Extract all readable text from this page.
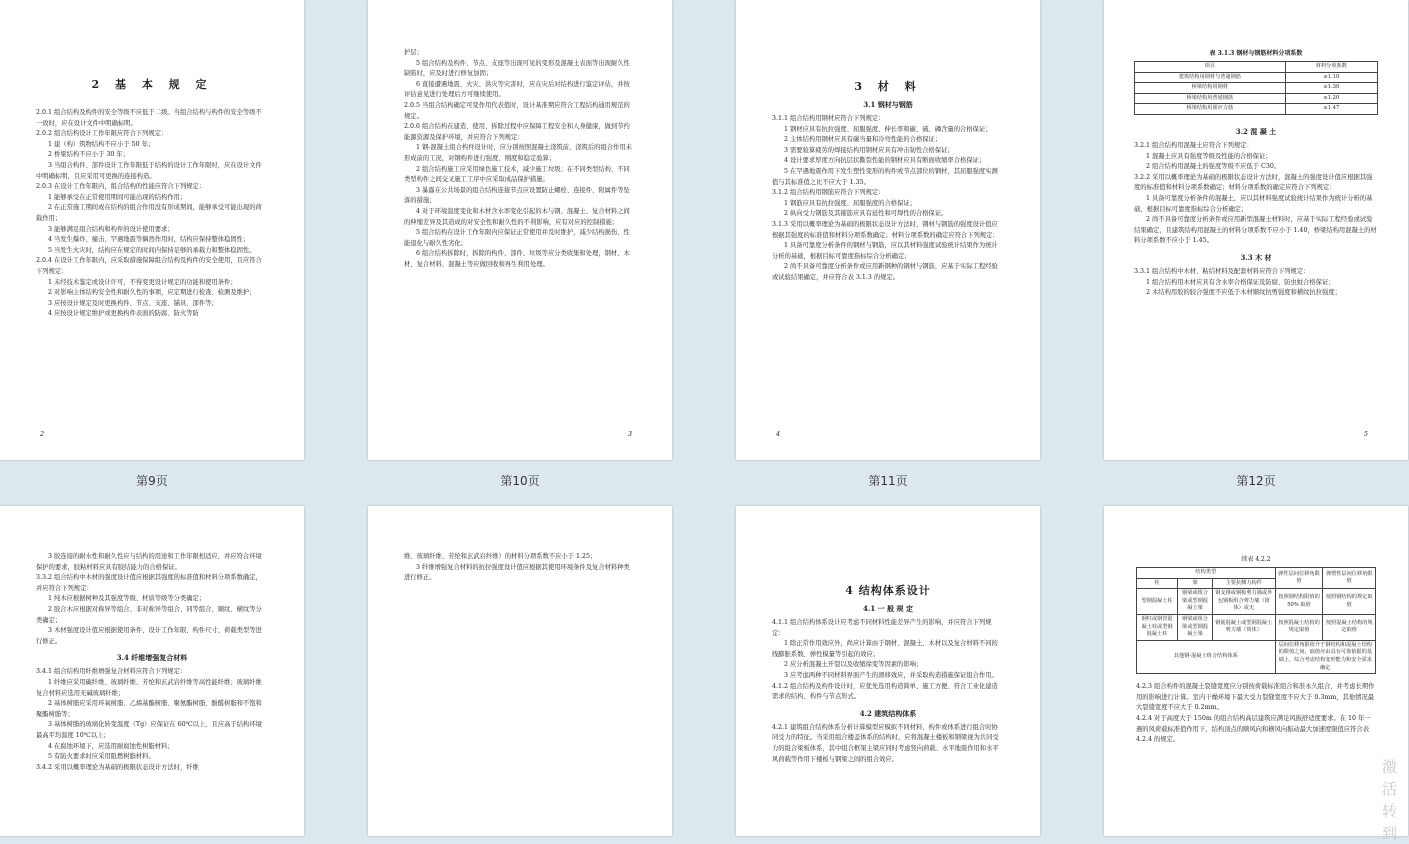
2 基 本 规 定

2.0.1 组合结构及构件的安全等级不应低于二级。当组合结构与构件的安全等级不一致时，应在设计文件中明确标明。

2.0.2 组合结构设计工作年限应符合下列规定：

1 建（构）筑物结构不应小于 50 年；

2 桥梁结构不应小于 30 年；

3 当组合构件、部件设计工作年限低于结构的设计工作年限时，应在设计文件中明确标明，且应采用可更换的连接构造。

2.0.3 在设计工作年限内，组合结构的性能应符合下列规定：

1 能够承受在正常使用期间可能出现的结构作用；

2 在正常施工期间或在结构的组合作用没有形成期间，能够承受可能出现的荷载作用；

3 能够满足组合结构和构件的设计使用要求；

4 当发生爆炸、撞击、罕遇地震等偶然作用时，结构应保持整体稳固性；

5 当发生火灾时，结构应在规定的时间内保持足够的承载力和整体稳固性。

2.0.4 在设计工作年限内，应采取措施保障组合结构及构件的安全使用，且应符合下列规定：

1 未经技术鉴定或设计许可，不得变更设计规定的功能和使用条件；

2 对影响主体结构安全性和耐久性的事项，应定期进行检查、检测及维护；

3 应按设计规定及时更换构件、节点、支座、锚具、部件等；

4 应按设计规定维护或更换构件表面的防腐、防火等防

2
第9页

护层；

5 组合结构及构件、节点、支座等出现可见的变形及混凝土表面等出现耐久性缺陷时，应及时进行修复加固；

6 直接遭遇地震、火灾、洪灾等灾害时，应在灾后对结构进行鉴定评估，并按评估意见进行处理后方可继续使用。

2.0.5 当组合结构确定可变作用代表值时，设计基准期应符合工程结构通用规范的规定。

2.0.6 组合结构在建造、使用、拆除过程中应保障工程安全和人身健康，做到节约能源资源及保护环境，并应符合下列规定：

1 钢-混凝土组合构件设计时，应分别按照混凝土浇筑前、浇筑后的组合作用未形成前的工况，对钢构件进行强度、刚度和稳定验算；

2 组合结构施工应采用绿色施工技术，减少施工垃圾；在不同类型结构、不同类型构件之间交叉施工工序中应采取成品保护措施；

3 暴露在公共场景的组合结构连接节点应设置防止螺栓、连接件、附属件等坠落的措施；

4 对于环境温度变化和木材含水率变化引起的木与钢、混凝土、复合材料之间的伸缩差异及其造成的对安全性和耐久性的不利影响，应有对应的控制措施；

5 组合结构在设计工作年限内应保证正常使用并及时维护，减少结构损伤、性能退化与耐久性劣化；

6 组合结构拆除时，拆除的构件、部件、垃圾等应分类收集和处理，钢材、木材、复合材料、混凝土等应做回收和再生利用处理。

3
第10页

3 材 料

3.1 钢材与钢筋

3.1.1 组合结构用钢材应符合下列规定：

1 钢材应具有抗拉强度、屈服强度、伸长率和碳、硫、磷含量的合格保证；

2 主体结构用钢材应具有碳当量和冷弯性能的合格保证；

3 需要验算疲劳的焊接结构用钢材应具有冲击韧性合格保证；

4 设计要求厚度方向抗层状撕裂性能的钢材应具有断面收缩率合格保证；

5 在罕遇地震作用下发生塑性变形的构件或节点部位的钢材，其屈服强度实测值与其标准值之比不应大于 1.35。

3.1.2 组合结构用钢筋应符合下列规定：

1 钢筋应具有抗拉强度、屈服强度的合格保证；

2 纵向受力钢筋及其箍筋应具有延性和可焊性的合格保证。

3.1.3 采用以概率理论为基础的极限状态设计方法时，钢材与钢筋的强度设计值应根据其强度的标准值和材料分项系数确定；材料分项系数的确定应符合下列规定：

1 具备可靠度分析条件的钢材与钢筋，应以其材料强度试验统计结果作为统计分析的基础，根据目标可靠度指标综合分析确定；

2 尚不具备可靠度分析条件或应用新钢种的钢材与钢筋，应基于实际工程经验或试验结果确定，并应符合表 3.1.3 的规定。

4
第11页

表 3.1.3 钢材与钢筋材料分项系数

项目	材料分项系数
建筑结构用钢材与普通钢筋	≥1.10
桥梁结构用钢材	≥1.30
桥梁结构用普通钢筋	≥1.20
桥梁结构用预应力筋	≥1.47

3.2 混 凝 土

3.2.1 组合结构用混凝土应符合下列规定：

1 混凝土应具有强度等级及性能的合格保证；

2 组合结构用混凝土的强度等级不应低于 C30。

3.2.2 采用以概率理论为基础的极限状态设计方法时，混凝土的强度设计值应根据其强度的标准值和材料分项系数确定；材料分项系数的确定应符合下列规定：

1 具备可靠度分析条件的混凝土，应以其材料强度试验统计结果作为统计分析的基础，根据目标可靠度指标综合分析确定；

2 尚不具备可靠度分析条件或应用新型混凝土材料时，应基于实际工程经验或试验结果确定，且建筑结构用混凝土的材料分项系数不应小于 1.40，桥梁结构用混凝土的材料分项系数不应小于 1.45。

3.3 木 材

3.3.1 组合结构中木材、粘结材料及配套材料应符合下列规定：

1 组合结构用木材应具有含水率合格保证及防腐、防虫蛀合格保证；

2 木结构用胶的胶合强度不应低于木材顺纹抗剪强度和横纹抗拉强度；

5
第12页

3 胶连接的耐水性和耐久性应与结构的用途和工作年限相适应，并应符合环境保护的要求，胶粘材料应具有胶结能力的合格保证。

3.3.2 组合结构中木材的强度设计值应根据其强度的标准值和材料分项系数确定，并应符合下列规定：

1 纯木应根据树种及其强度等级、材质等级等分类确定；

2 胶合木应根据对称异等组合、非对称异等组合、同等组合、顺纹、横纹等分类确定；

3 木材强度设计值应根据使用条件、设计工作年限、构件尺寸、荷载类型等进行修正。

3.4 纤维增强复合材料

3.4.1 组合结构用纤维增强复合材料应符合下列规定：

1 纤维应采用碳纤维、玻璃纤维、芳纶和玄武岩纤维等高性能纤维；玻璃纤维复合材料应选用无碱玻璃纤维；

2 基体树脂应采用环氧树脂、乙烯基酯树脂、聚氨酯树脂、酚醛树脂和不饱和聚酯树脂等；

3 基体树脂的玻璃化转变温度（Tg）应保证在 60℃以上，且应高于结构环境最高平均温度 10℃以上；

4 在腐蚀环境下，应选用耐腐蚀性树脂材料；

5 有防火要求时应采用阻燃树脂材料。

3.4.2 采用以概率理论为基础的极限状态设计方法时，纤维

维、玻璃纤维、芳纶和玄武岩纤维）的材料分项系数不应小于 1.25；

3 纤维增强复合材料的抗拉强度设计值应根据其使用环境条件及复合材料种类进行修正。

4 结构体系设计

4.1 一 般 规 定

4.1.1 组合结构体系设计应考虑不同材料性能差异产生的影响，并应符合下列规定：

1 除正常作用效应外，尚应计算由于钢材、混凝土、木材以及复合材料不同的线膨胀系数、弹性模量等引起的效应；

2 应分析混凝土开裂以及收缩徐变等因素的影响；

3 应考虑两种不同材料界面产生的滑移效应，并采取构造措施保证组合作用。

4.1.2 组合结构及构件设计时，应优先选用构造简单、施工方便、符合工业化建造需求的结构、构件与节点形式。

4.2 建筑结构体系

4.2.1 建筑组合结构体系分析计算模型应模拟不同材料、构件或体系进行组合时协同受力的特征。当采用组合楼盖体系的结构时，应将混凝土楼板和钢梁视为共同受力的组合梁板体系，其中组合框架主梁应同时考虑竖向荷载、水平地震作用和水平风荷载等作用下楼板与钢梁之间的组合效应。

续表 4.2.2

结构类型			弹性层间位移角限值	弹塑性层间位移角限值
柱	梁	主要抗侧力构件		
型钢混凝土柱	钢梁或组合梁或型钢混凝土梁	钢支撑或钢板剪力墙或外包钢板组合剪力墙（筒体）或无	按照钢结构限值的 50% 取值	按照钢结构的规定取值
钢柱或钢管混凝土柱或型钢混凝土柱	钢梁或组合梁或型钢混凝土梁	钢筋混凝土或型钢混凝土剪力墙（筒体）	按照混凝土结构的规定取值	按照混凝土结构的规定取值
其他钢-混凝土组合结构体系			层间位移角限值介于钢结构和混凝土结构的限值之间，取值应由具有可靠依据的基础上，综合考虑结构变形能力和安全需求确定	

4.2.3 组合构件的混凝土裂缝宽度应分别按荷载标准组合和准永久组合，并考虑长期作用的影响进行计算。室内干燥环境下最大受力裂缝宽度不应大于 0.3mm，其他情况最大裂缝宽度不应大于 0.2mm。

4.2.4 对于高度大于 150m 的组合结构高层建筑应满足风振舒适度要求。在 10 年一遇的风荷载标准值作用下，结构顶点的顺风向和横风向振动最大加速度限值应符合表 4.2.4 的规定。

激活
转到
